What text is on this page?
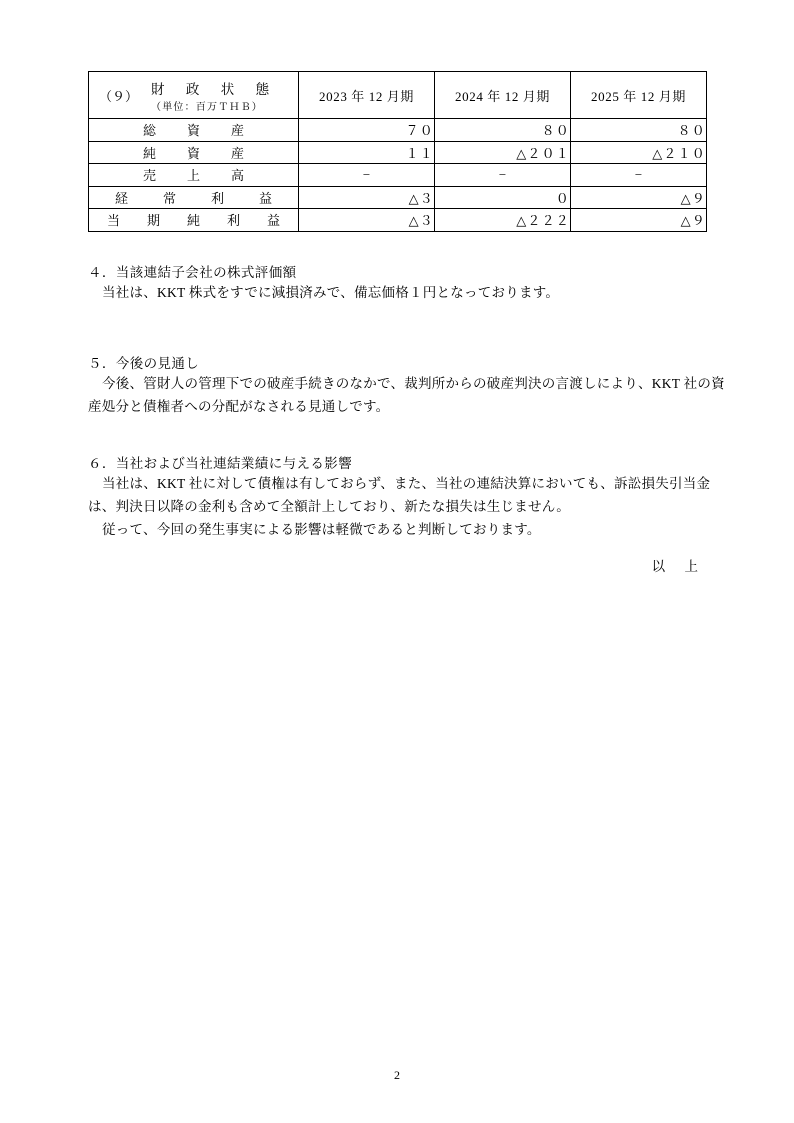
（９） 財 政 状 態
（単位：百万ＴＨＢ）	2023 年 12 月期	2024 年 12 月期	2025 年 12 月期
総　資　産	７０	８０	８０
純　資　産	１１	△２０１	△２１０
売　上　高	−	−	−
経　常　利　益	△３	０	△９
当　期　純　利　益	△３	△２２２	△９
４．当該連結子会社の株式評価額
当社は、KKT 株式をすでに減損済みで、備忘価格１円となっております。
５．今後の見通し
今後、管財人の管理下での破産手続きのなかで、裁判所からの破産判決の言渡しにより、KKT 社の資
産処分と債権者への分配がなされる見通しです。
６．当社および当社連結業績に与える影響
当社は、KKT 社に対して債権は有しておらず、また、当社の連結決算においても、訴訟損失引当金
は、判決日以降の金利も含めて全額計上しており、新たな損失は生じません。
従って、今回の発生事実による影響は軽微であると判断しております。
以 上
2
